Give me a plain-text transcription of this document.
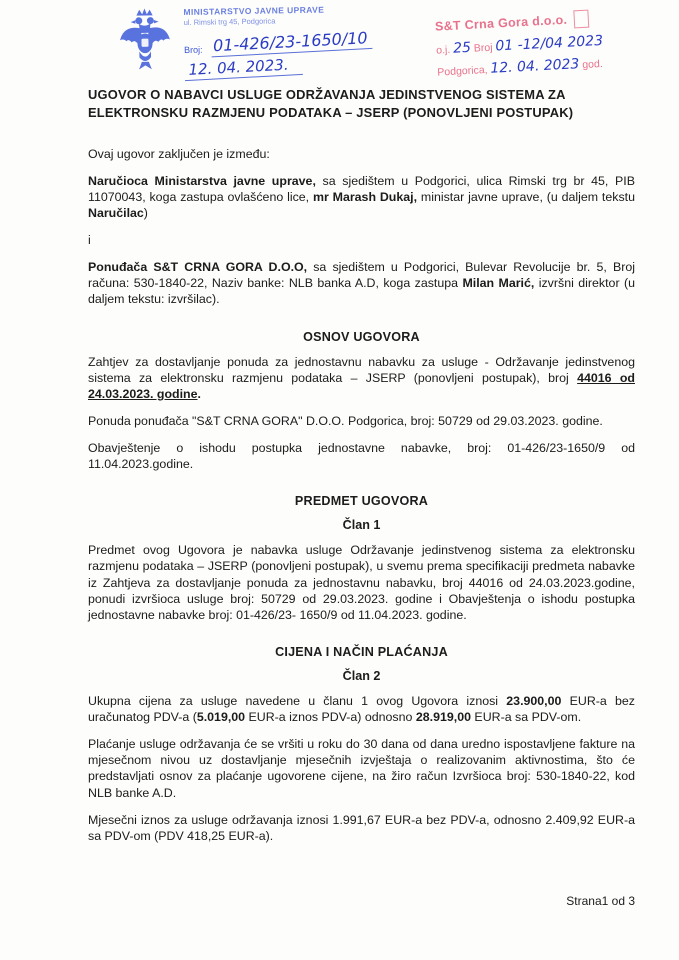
MINISTARSTVO JAVNE UPRAVE
ul. Rimski trg 45, Podgorica
Broj: 01-426/23-1650/10
12. 04. 2023.
S&T Crna Gora d.o.o.
o.j. 25 Broj 01 -12/04 2023
Podgorica, 12. 04. 2023 god.
UGOVOR O NABAVCI USLUGE ODRŽAVANJA JEDINSTVENOG SISTEMA ZA ELEKTRONSKU RAZMJENU PODATAKA – JSERP (PONOVLJENI POSTUPAK)
Ovaj ugovor zaključen je između:
Naručioca Ministarstva javne uprave, sa sjedištem u Podgorici, ulica Rimski trg br 45, PIB 11070043, koga zastupa ovlašćeno lice, mr Marash Dukaj, ministar javne uprave, (u daljem tekstu Naručilac)
i
Ponuđača S&T CRNA GORA D.O.O, sa sjedištem u Podgorici, Bulevar Revolucije br. 5, Broj računa: 530-1840-22, Naziv banke: NLB banka A.D, koga zastupa Milan Marić, izvršni direktor (u daljem tekstu: izvršilac).
OSNOV UGOVORA
Zahtjev za dostavljanje ponuda za jednostavnu nabavku za usluge - Održavanje jedinstvenog sistema za elektronsku razmjenu podataka – JSERP (ponovljeni postupak), broj 44016 od 24.03.2023. godine.
Ponuda ponuđača "S&T CRNA GORA" D.O.O. Podgorica, broj: 50729 od 29.03.2023. godine.
Obavještenje o ishodu postupka jednostavne nabavke, broj: 01-426/23-1650/9 od 11.04.2023.godine.
PREDMET UGOVORA
Član 1
Predmet ovog Ugovora je nabavka usluge Održavanje jedinstvenog sistema za elektronsku razmjenu podataka – JSERP (ponovljeni postupak), u svemu prema specifikaciji predmeta nabavke iz Zahtjeva za dostavljanje ponuda za jednostavnu nabavku, broj 44016 od 24.03.2023.godine, ponudi izvršioca usluge broj: 50729 od 29.03.2023. godine i Obavještenja o ishodu postupka jednostavne nabavke broj: 01-426/23- 1650/9 od 11.04.2023. godine.
CIJENA I NAČIN PLAĆANJA
Član 2
Ukupna cijena za usluge navedene u članu 1 ovog Ugovora iznosi 23.900,00 EUR-a bez uračunatog PDV-a (5.019,00 EUR-a iznos PDV-a) odnosno 28.919,00 EUR-a sa PDV-om.
Plaćanje usluge održavanja će se vršiti u roku do 30 dana od dana uredno ispostavljene fakture na mjesečnom nivou uz dostavljanje mjesečnih izvještaja o realizovanim aktivnostima, što će predstavljati osnov za plaćanje ugovorene cijene, na žiro račun Izvršioca broj: 530-1840-22, kod NLB banke A.D.
Mjesečni iznos za usluge održavanja iznosi 1.991,67 EUR-a bez PDV-a, odnosno 2.409,92 EUR-a sa PDV-om (PDV 418,25 EUR-a).
Strana1 od 3
